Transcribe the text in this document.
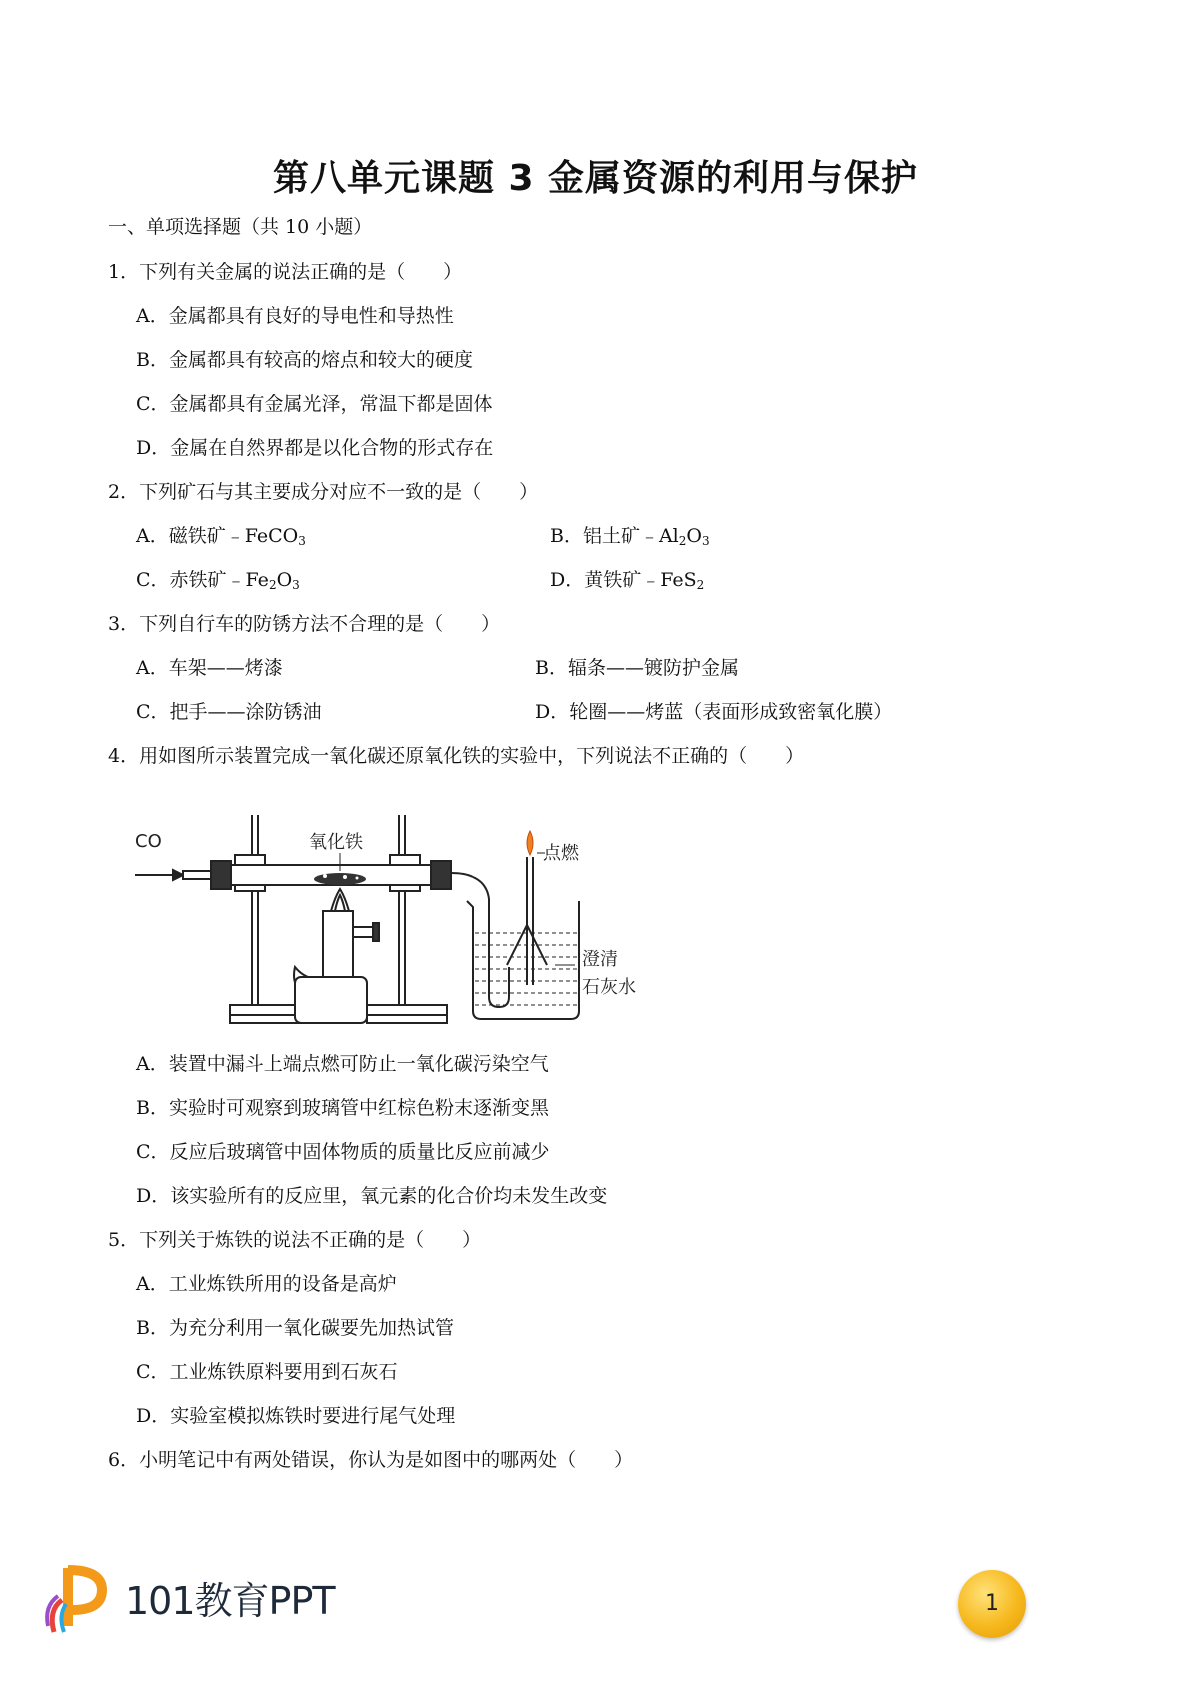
第八单元课题 3 金属资源的利用与保护
一、单项选择题（共 10 小题）
1．下列有关金属的说法正确的是（　　）
A．金属都具有良好的导电性和导热性
B．金属都具有较高的熔点和较大的硬度
C．金属都具有金属光泽，常温下都是固体
D．金属在自然界都是以化合物的形式存在
2．下列矿石与其主要成分对应不一致的是（　　）
A．磁铁矿﹣FeCO$_3$	B．铝土矿$﹣Al_2O_3$
C．赤铁矿$﹣Fe_2O_3$	D．黄铁矿﹣FeS$_2$
3．下列自行车的防锈方法不合理的是（　　）
A．车架——烤漆	B．辐条——镀防护金属
C．把手——涂防锈油	D．轮圈——烤蓝（表面形成致密氧化膜）
4．用如图所示装置完成一氧化碳还原氧化铁的实验中，下列说法不正确的（　　）
CO	氧化铁
点燃
澄清
石灰水
A．装置中漏斗上端点燃可防止一氧化碳污染空气
B．实验时可观察到玻璃管中红棕色粉末逐渐变黑
C．反应后玻璃管中固体物质的质量比反应前减少
D．该实验所有的反应里，氧元素的化合价均未发生改变
5．下列关于炼铁的说法不正确的是（　　）
A．工业炼铁所用的设备是高炉
B．为充分利用一氧化碳要先加热试管
C．工业炼铁原料要用到石灰石
D．实验室模拟炼铁时要进行尾气处理
6．小明笔记中有两处错误，你认为是如图中的哪两处（　　）
101教育PPT	1
